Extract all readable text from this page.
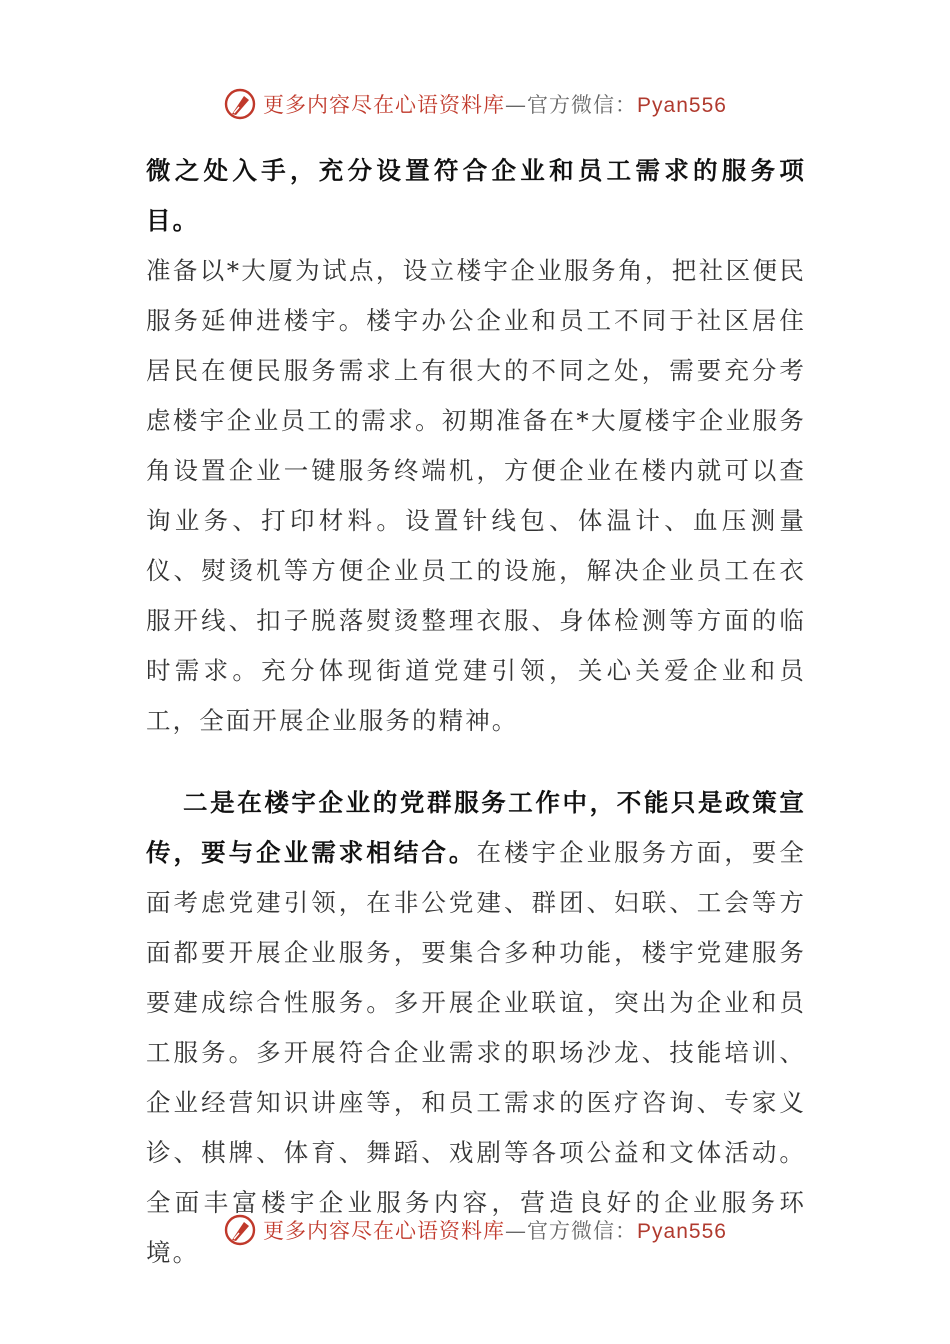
更多内容尽在心语资料库—官方微信：Pyan556

微之处入手，充分设置符合企业和员工需求的服务项目。

准备以*大厦为试点，设立楼宇企业服务角，把社区便民服务延伸进楼宇。楼宇办公企业和员工不同于社区居住居民在便民服务需求上有很大的不同之处，需要充分考虑楼宇企业员工的需求。初期准备在*大厦楼宇企业服务角设置企业一键服务终端机，方便企业在楼内就可以查询业务、打印材料。设置针线包、体温计、血压测量仪、熨烫机等方便企业员工的设施，解决企业员工在衣服开线、扣子脱落熨烫整理衣服、身体检测等方面的临时需求。充分体现街道党建引领，关心关爱企业和员工，全面开展企业服务的精神。

二是在楼宇企业的党群服务工作中，不能只是政策宣传，要与企业需求相结合。在楼宇企业服务方面，要全面考虑党建引领，在非公党建、群团、妇联、工会等方面都要开展企业服务，要集合多种功能，楼宇党建服务要建成综合性服务。多开展企业联谊，突出为企业和员工服务。多开展符合企业需求的职场沙龙、技能培训、企业经营知识讲座等，和员工需求的医疗咨询、专家义诊、棋牌、体育、舞蹈、戏剧等各项公益和文体活动。全面丰富楼宇企业服务内容，营造良好的企业服务环境。

更多内容尽在心语资料库—官方微信：Pyan556
